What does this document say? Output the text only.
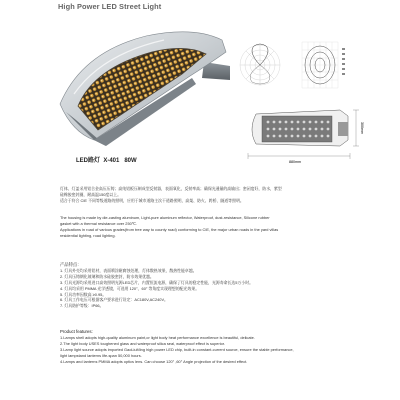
High Power LED Street Light
LED路灯  X-401   80W	880mm
300mm

灯体、灯盖采用铝合金高压压铸；高纯铝板压制成型反射器，表面氧化，反射率高；确保光通量的高输出；密闭度好，防水，紫型

硅橡胶密封圈，耐高温150度以上。

适合于符合 CIE 不同等级道路的照明，应用于城市道路主次干道路照明，高架、防火、跨桥、隧道等照明。

The housing is made by die-casting aluminum, Light-pure aluminum reflector, Waterproof, dust-resistance, Silicone rubber

gasket with a thermal resistance over 250℃.

Applications in road of various grades(from tree way to county road) conforming to CIE, the major urban roads in the yard villas

residential lighting, road lighting.

产品特点：

1. 灯具外壳均采用铝材，表面喷涂耐腐蚀处理，灯体散热效果，散热性能卓越。

2. 灯具压铸钢化玻璃和防水硅胶密封，防水效果优越。

3. 灯具光源均采用进口高效照明光源LED芯片，内置恒流电源，确保了灯具的稳定性能，光源寿命长达5万小时。

4. 灯具均采用 PMMA 光学透镜，可选用 120°、60° 等角度实现理想的配光效果。

5. 灯具功率因数高 ≥0.95。

6. 灯具工作电压可根据客户要求进行设定：AC180V,AC240V。

7. 灯具防护等级：IP66。

Product features:

1.Lamps shell adopts high-quality aluminum paint,or light body heat performance excellence is beautiful, delicate.

2.The light body USES toughened glass and waterproof silica seal, waterproof effect is superior.

3.Lamp light source adopts imported GaoLiuMing high power LED chip, built-in constant-current source, ensure the stable performance,

light lampstand lanterns life-span 50,000 hours.

4.Lamps and lanterns PMMA adopts optics lens. Can choose 120° ,60° Angle projection of the desired effect.
